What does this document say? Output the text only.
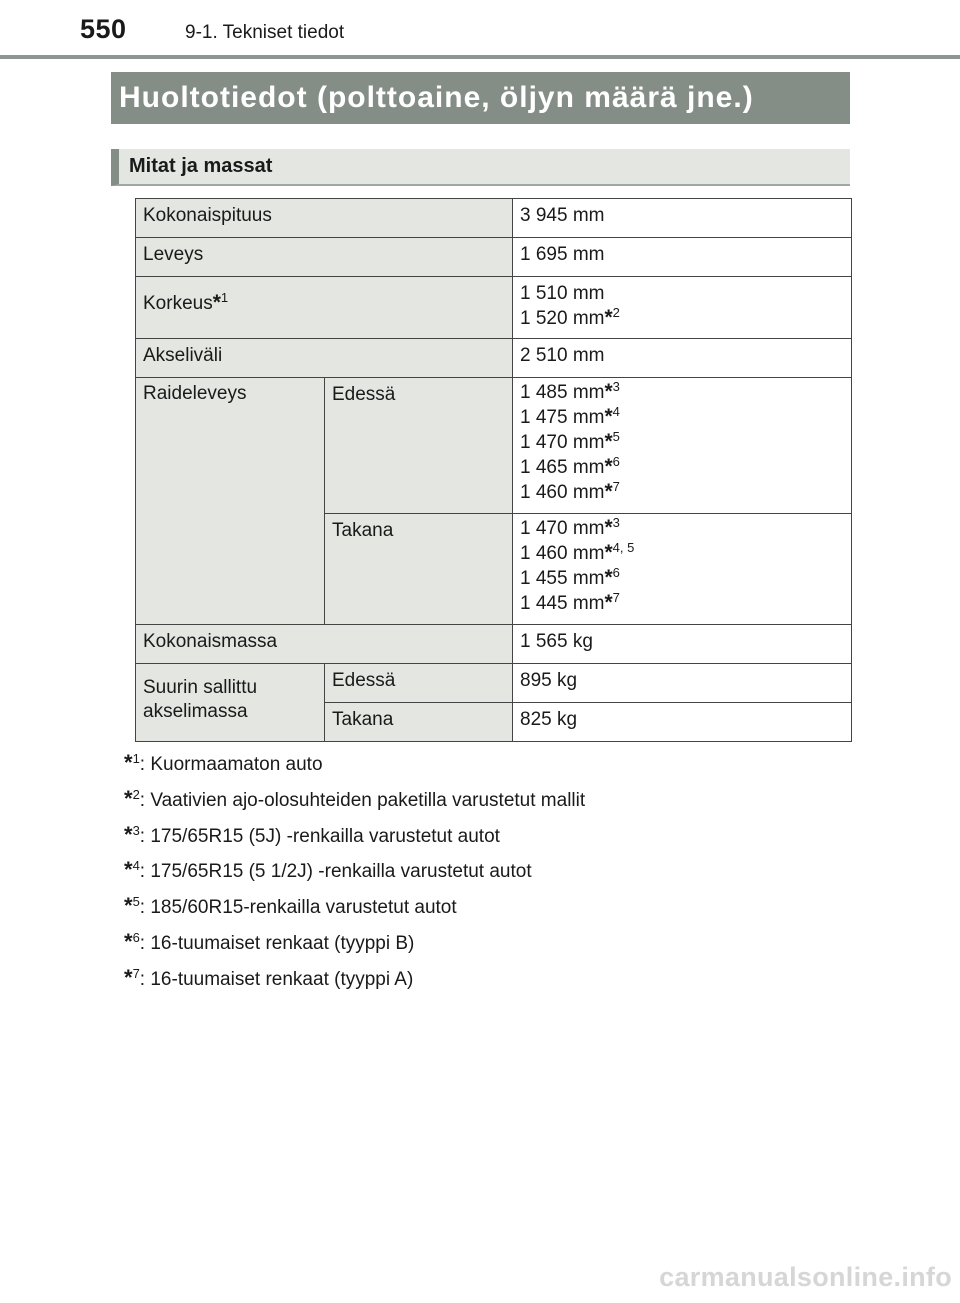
550	9-1. Tekniset tiedot
Huoltotiedot (polttoaine, öljyn määrä jne.)
Mitat ja massat
Kokonaispituus		3 945 mm
Leveys		1 695 mm
Korkeus*$^1$		1 510 mm
1 520 mm*$^2$

Akseliväli		2 510 mm
Raideleveys	Edessä	1 485 mm*$^3$
1 475 mm*$^4$
1 470 mm*$^5$
1 465 mm*$^6$
1 460 mm*$^7$

	Takana	1 470 mm*$^3$
1 460 mm*$^{4, 5}$
1 455 mm*$^6$
1 445 mm*$^7$

Kokonaismassa		1 565 kg

Suurin sallittu
akselimassa	Edessä	895 kg
	Takana	825 kg
*$^1$: Kuormaamaton auto
*$^2$: Vaativien ajo-olosuhteiden paketilla varustetut mallit
*$^3$: 175/65R15 (5J) -renkailla varustetut autot
*$^4$: 175/65R15 (5 1/2J) -renkailla varustetut autot
*$^5$: 185/60R15-renkailla varustetut autot
*$^6$: 16-tuumaiset renkaat (tyyppi B)
*$^7$: 16-tuumaiset renkaat (tyyppi A)
carmanualsonline.info
